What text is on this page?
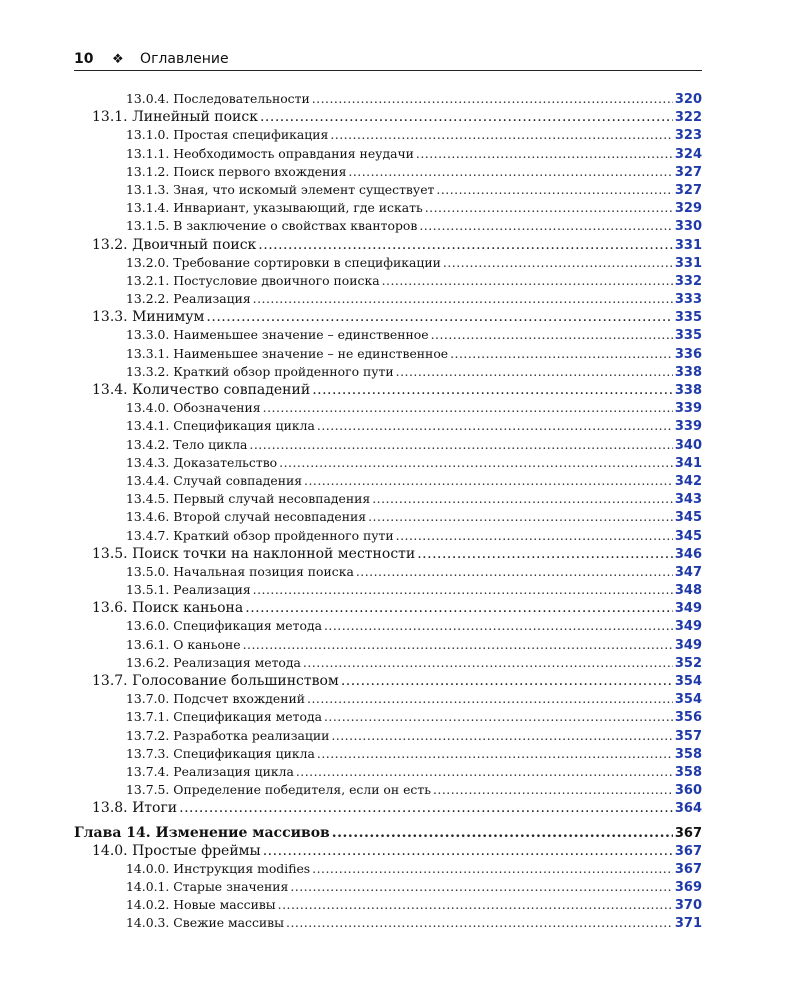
10 ❖ Оглавление
13.0.4. Последовательности .....	320
13.1. Линейный поиск .....	322
13.1.0. Простая спецификация .....	323
13.1.1. Необходимость оправдания неудачи .....	324
13.1.2. Поиск первого вхождения .....	327
13.1.3. Зная, что искомый элемент существует .....	327
13.1.4. Инвариант, указывающий, где искать .....	329
13.1.5. В заключение о свойствах кванторов .....	330
13.2. Двоичный поиск .....	331
13.2.0. Требование сортировки в спецификации .....	331
13.2.1. Постусловие двоичного поиска .....	332
13.2.2. Реализация .....	333
13.3. Минимум .....	335
13.3.0. Наименьшее значение – единственное .....	335
13.3.1. Наименьшее значение – не единственное .....	336
13.3.2. Краткий обзор пройденного пути .....	338
13.4. Количество совпадений .....	338
13.4.0. Обозначения .....	339
13.4.1. Спецификация цикла .....	339
13.4.2. Тело цикла .....	340
13.4.3. Доказательство .....	341
13.4.4. Случай совпадения .....	342
13.4.5. Первый случай несовпадения .....	343
13.4.6. Второй случай несовпадения .....	345
13.4.7. Краткий обзор пройденного пути .....	345
13.5. Поиск точки на наклонной местности .....	346
13.5.0. Начальная позиция поиска .....	347
13.5.1. Реализация .....	348
13.6. Поиск каньона .....	349
13.6.0. Спецификация метода .....	349
13.6.1. О каньоне .....	349
13.6.2. Реализация метода .....	352
13.7. Голосование большинством .....	354
13.7.0. Подсчет вхождений .....	354
13.7.1. Спецификация метода .....	356
13.7.2. Разработка реализации .....	357
13.7.3. Спецификация цикла .....	358
13.7.4. Реализация цикла .....	358
13.7.5. Определение победителя, если он есть .....	360
13.8. Итоги .....	364
Глава 14. Изменение массивов .....	367
14.0. Простые фреймы .....	367
14.0.0. Инструкция modifies .....	367
14.0.1. Старые значения .....	369
14.0.2. Новые массивы .....	370
14.0.3. Свежие массивы .....	371
